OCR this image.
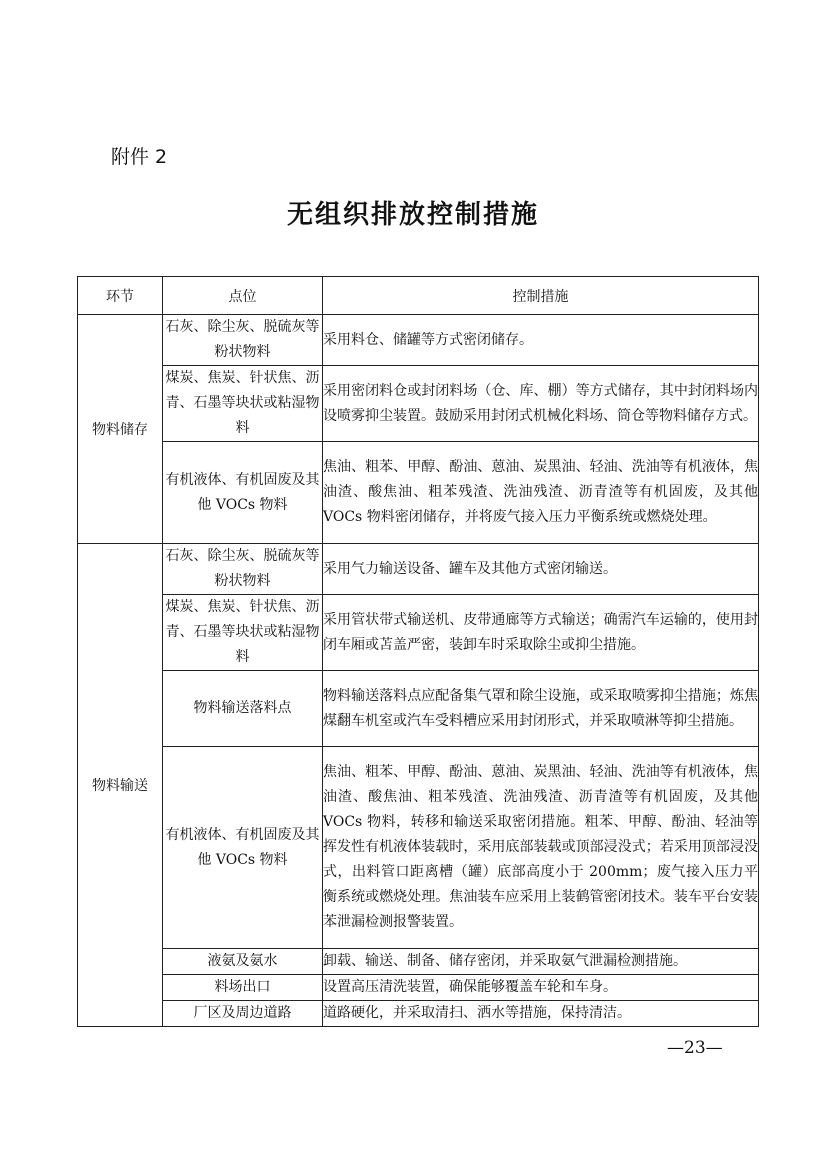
附件 2
无组织排放控制措施
环节	点位	控制措施
物料储存	石灰、除尘灰、脱硫灰等粉状物料	采用料仓、储罐等方式密闭储存。
	煤炭、焦炭、针状焦、沥青、石墨等块状或粘湿物料	采用密闭料仓或封闭料场（仓、库、棚）等方式储存，其中封闭料场内设喷雾抑尘装置。鼓励采用封闭式机械化料场、筒仓等物料储存方式。
	有机液体、有机固废及其他 VOCs 物料	焦油、粗苯、甲醇、酚油、蒽油、炭黑油、轻油、洗油等有机液体，焦油渣、酸焦油、粗苯残渣、洗油残渣、沥青渣等有机固废，及其他 VOCs 物料密闭储存，并将废气接入压力平衡系统或燃烧处理。
物料输送	石灰、除尘灰、脱硫灰等粉状物料	采用气力输送设备、罐车及其他方式密闭输送。
	煤炭、焦炭、针状焦、沥青、石墨等块状或粘湿物料	采用管状带式输送机、皮带通廊等方式输送；确需汽车运输的，使用封闭车厢或苫盖严密，装卸车时采取除尘或抑尘措施。
	物料输送落料点	物料输送落料点应配备集气罩和除尘设施，或采取喷雾抑尘措施；炼焦煤翻车机室或汽车受料槽应采用封闭形式，并采取喷淋等抑尘措施。
	有机液体、有机固废及其他 VOCs 物料	焦油、粗苯、甲醇、酚油、蒽油、炭黑油、轻油、洗油等有机液体，焦油渣、酸焦油、粗苯残渣、洗油残渣、沥青渣等有机固废，及其他 VOCs 物料，转移和输送采取密闭措施。粗苯、甲醇、酚油、轻油等挥发性有机液体装载时，采用底部装载或顶部浸没式；若采用顶部浸没式，出料管口距离槽（罐）底部高度小于 200mm；废气接入压力平衡系统或燃烧处理。焦油装车应采用上装鹤管密闭技术。装车平台安装苯泄漏检测报警装置。
	液氨及氨水	卸载、输送、制备、储存密闭，并采取氨气泄漏检测措施。
	料场出口	设置高压清洗装置，确保能够覆盖车轮和车身。
	厂区及周边道路	道路硬化，并采取清扫、洒水等措施，保持清洁。
—23—
